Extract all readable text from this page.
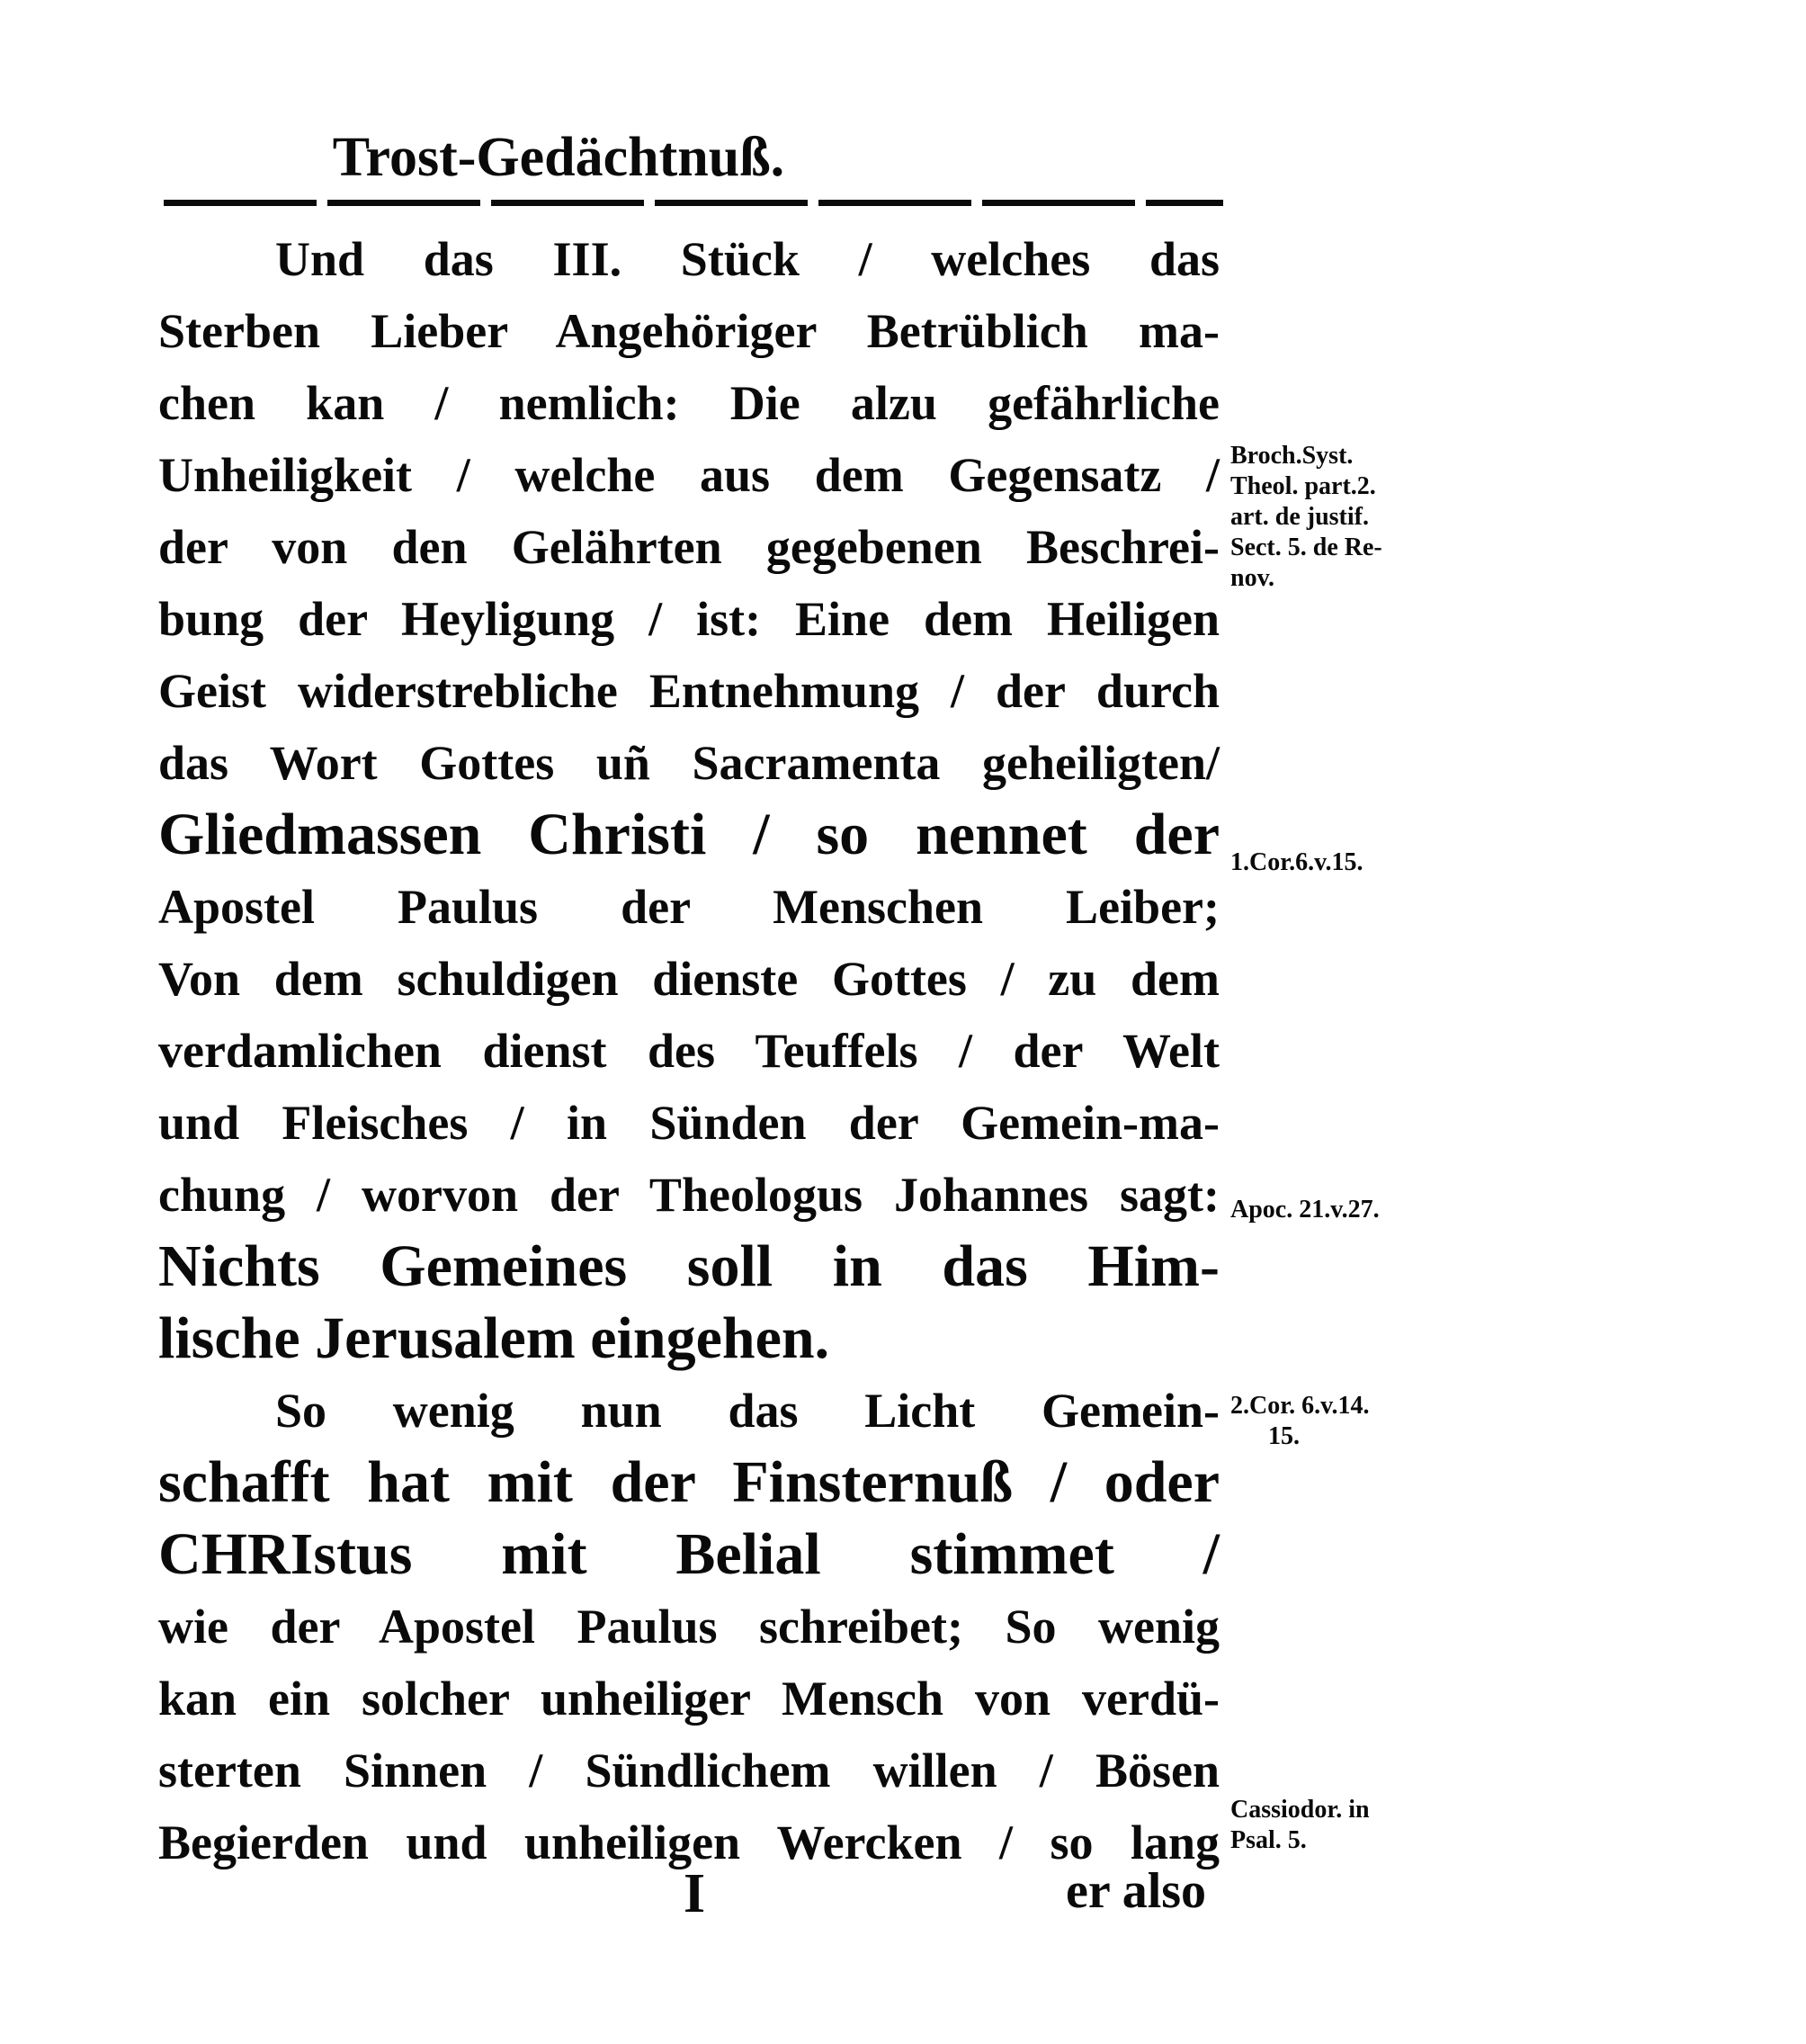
Trost-Gedächtnuß.
Und das III. Stück / welches das
Sterben Lieber Angehöriger Betrüblich ma-
chen kan / nemlich: Die alzu gefährliche
Unheiligkeit / welche aus dem Gegensatz /
der von den Gelährten gegebenen Beschrei-
bung der Heyligung / ist: Eine dem Heiligen
Geist widerstrebliche Entnehmung / der durch
das Wort Gottes uñ Sacramenta geheiligten/
Gliedmassen Christi / so nennet der
Apostel Paulus der Menschen Leiber;
Von dem schuldigen dienste Gottes / zu dem
verdamlichen dienst des Teuffels / der Welt
und Fleisches / in Sünden der Gemein-ma-
chung / worvon der Theologus Johannes sagt:
Nichts Gemeines soll in das Him-
lische Jerusalem eingehen.
So wenig nun das Licht Gemein-
schafft hat mit der Finsternuß / oder
CHRIstus mit Belial stimmet /
wie der Apostel Paulus schreibet; So wenig
kan ein solcher unheiliger Mensch von verdü-
sterten Sinnen / Sündlichem willen / Bösen
Begierden und unheiligen Wercken / so lang
Broch.Syst.
Theol. part.2.
art. de justif.
Sect. 5. de Re-
nov.
1.Cor.6.v.15.
Apoc. 21.v.27.
2.Cor. 6.v.14.
15.
Cassiodor. in
Psal. 5.
I	er also
